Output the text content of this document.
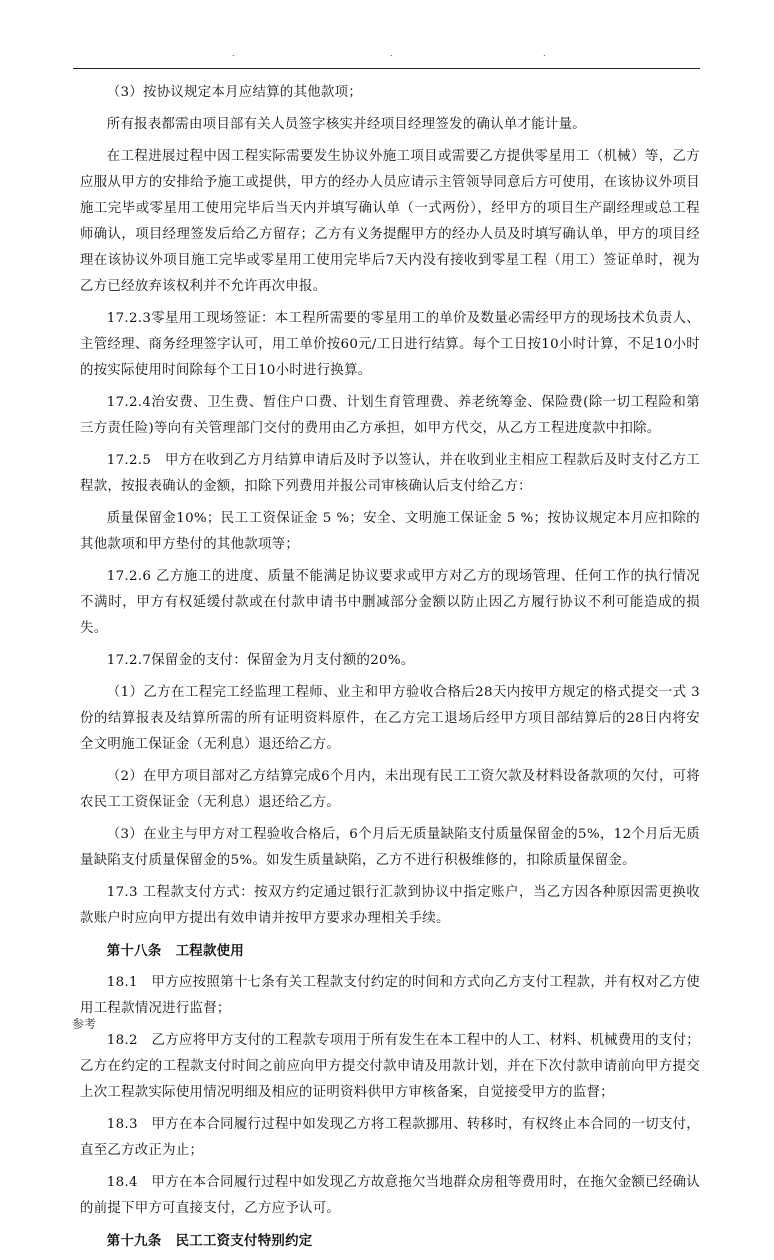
.	.	.

（3）按协议规定本月应结算的其他款项；

所有报表都需由项目部有关人员签字核实并经项目经理签发的确认单才能计量。

在工程进展过程中因工程实际需要发生协议外施工项目或需要乙方提供零星用工（机械）等，乙方应服从甲方的安排给予施工或提供，甲方的经办人员应请示主管领导同意后方可使用，在该协议外项目施工完毕或零星用工使用完毕后当天内并填写确认单（一式两份），经甲方的项目生产副经理或总工程师确认，项目经理签发后给乙方留存；乙方有义务提醒甲方的经办人员及时填写确认单，甲方的项目经理在该协议外项目施工完毕或零星用工使用完毕后7天内没有接收到零星工程（用工）签证单时，视为乙方已经放弃该权利并不允许再次申报。

17.2.3零星用工现场签证：本工程所需要的零星用工的单价及数量必需经甲方的现场技术负责人、主管经理、商务经理签字认可，用工单价按60元/工日进行结算。每个工日按10小时计算，不足10小时的按实际使用时间除每个工日10小时进行换算。

17.2.4治安费、卫生费、暂住户口费、计划生育管理费、养老统筹金、保险费(除一切工程险和第三方责任险)等向有关管理部门交付的费用由乙方承担，如甲方代交，从乙方工程进度款中扣除。

17.2.5　甲方在收到乙方月结算申请后及时予以签认，并在收到业主相应工程款后及时支付乙方工程款，按报表确认的金额，扣除下列费用并报公司审核确认后支付给乙方：

质量保留金10%；民工工资保证金 5 %；安全、文明施工保证金 5 %；按协议规定本月应扣除的其他款项和甲方垫付的其他款项等；

17.2.6 乙方施工的进度、质量不能满足协议要求或甲方对乙方的现场管理、任何工作的执行情况不满时，甲方有权延缓付款或在付款申请书中删减部分金额以防止因乙方履行协议不利可能造成的损失。

17.2.7保留金的支付：保留金为月支付额的20%。

（1）乙方在工程完工经监理工程师、业主和甲方验收合格后28天内按甲方规定的格式提交一式 3 份的结算报表及结算所需的所有证明资料原件，在乙方完工退场后经甲方项目部结算后的28日内将安全文明施工保证金（无利息）退还给乙方。

（2）在甲方项目部对乙方结算完成6个月内，未出现有民工工资欠款及材料设备款项的欠付，可将农民工工资保证金（无利息）退还给乙方。

（3）在业主与甲方对工程验收合格后，6个月后无质量缺陷支付质量保留金的5%，12个月后无质量缺陷支付质量保留金的5%。如发生质量缺陷，乙方不进行积极维修的，扣除质量保留金。

17.3 工程款支付方式：按双方约定通过银行汇款到协议中指定账户，当乙方因各种原因需更换收款账户时应向甲方提出有效申请并按甲方要求办理相关手续。

第十八条 工程款使用

18.1　甲方应按照第十七条有关工程款支付约定的时间和方式向乙方支付工程款，并有权对乙方使用工程款情况进行监督；

18.2　乙方应将甲方支付的工程款专项用于所有发生在本工程中的人工、材料、机械费用的支付；乙方在约定的工程款支付时间之前应向甲方提交付款申请及用款计划，并在下次付款申请前向甲方提交上次工程款实际使用情况明细及相应的证明资料供甲方审核备案，自觉接受甲方的监督；

18.3　甲方在本合同履行过程中如发现乙方将工程款挪用、转移时，有权终止本合同的一切支付，直至乙方改正为止；

18.4　甲方在本合同履行过程中如发现乙方故意拖欠当地群众房租等费用时，在拖欠金额已经确认的前提下甲方可直接支付，乙方应予认可。

第十九条 民工工资支付特别约定

参考
